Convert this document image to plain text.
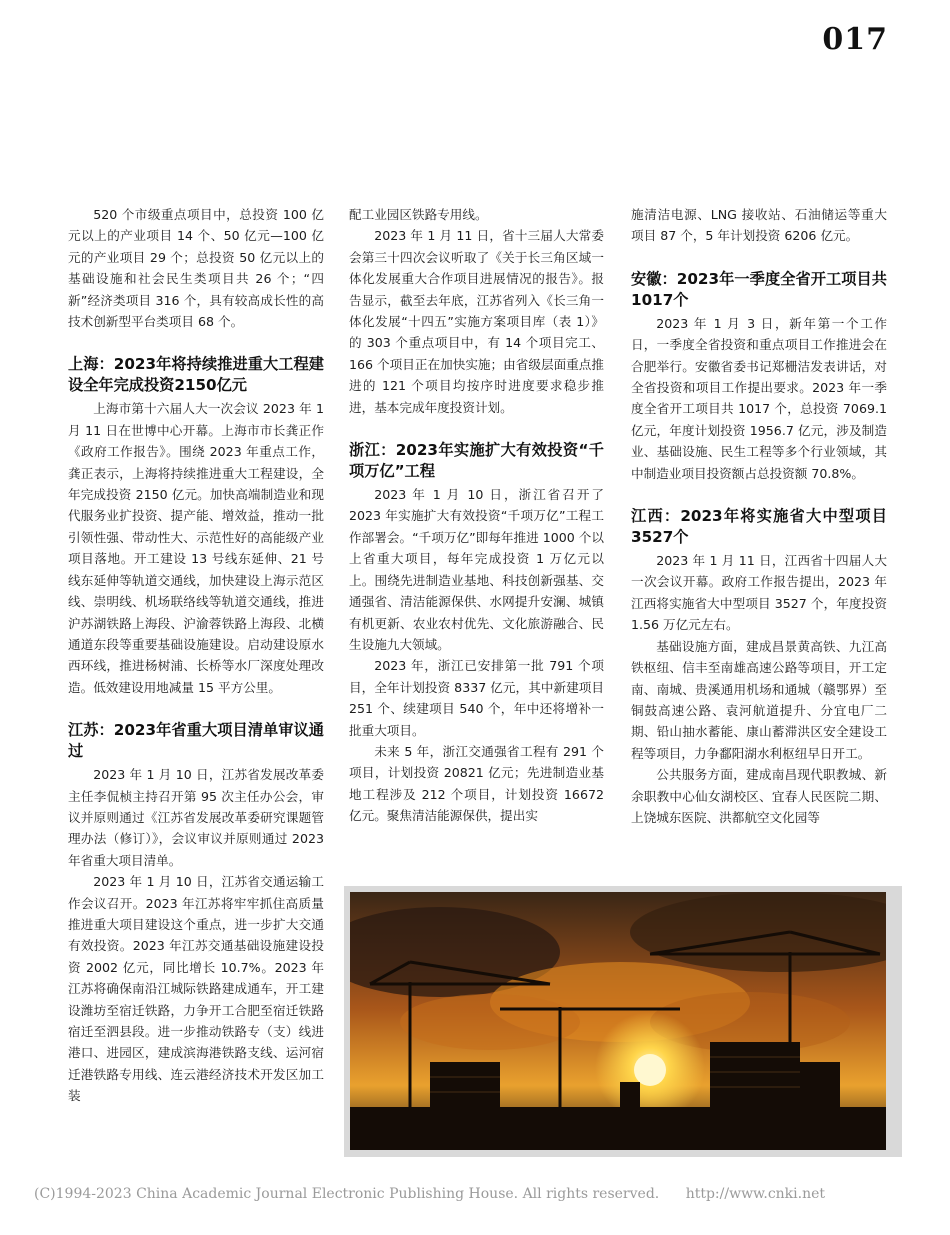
017

520 个市级重点项目中，总投资 100 亿元以上的产业项目 14 个、50 亿元—100 亿元的产业项目 29 个；总投资 50 亿元以上的基础设施和社会民生类项目共 26 个；“四新”经济类项目 316 个，具有较高成长性的高技术创新型平台类项目 68 个。

上海：2023年将持续推进重大工程建设全年完成投资2150亿元

上海市第十六届人大一次会议 2023 年 1 月 11 日在世博中心开幕。上海市市长龚正作《政府工作报告》。围绕 2023 年重点工作，龚正表示，上海将持续推进重大工程建设，全年完成投资 2150 亿元。加快高端制造业和现代服务业扩投资、提产能、增效益，推动一批引领性强、带动性大、示范性好的高能级产业项目落地。开工建设 13 号线东延伸、21 号线东延伸等轨道交通线，加快建设上海示范区线、崇明线、机场联络线等轨道交通线，推进沪苏湖铁路上海段、沪渝蓉铁路上海段、北横通道东段等重要基础设施建设。启动建设原水西环线，推进杨树浦、长桥等水厂深度处理改造。低效建设用地减量 15 平方公里。

江苏：2023年省重大项目清单审议通过

2023 年 1 月 10 日，江苏省发展改革委主任李侃桢主持召开第 95 次主任办公会，审议并原则通过《江苏省发展改革委研究课题管理办法（修订）》，会议审议并原则通过 2023 年省重大项目清单。

2023 年 1 月 10 日，江苏省交通运输工作会议召开。2023 年江苏将牢牢抓住高质量推进重大项目建设这个重点，进一步扩大交通有效投资。2023 年江苏交通基础设施建设投资 2002 亿元，同比增长 10.7%。2023 年江苏将确保南沿江城际铁路建成通车，开工建设潍坊至宿迁铁路，力争开工合肥至宿迁铁路宿迁至泗县段。进一步推动铁路专（支）线进港口、进园区，建成滨海港铁路支线、运河宿迁港铁路专用线、连云港经济技术开发区加工装

配工业园区铁路专用线。

2023 年 1 月 11 日，省十三届人大常委会第三十四次会议听取了《关于长三角区域一体化发展重大合作项目进展情况的报告》。报告显示，截至去年底，江苏省列入《长三角一体化发展“十四五”实施方案项目库（表 1）》的 303 个重点项目中，有 14 个项目完工、166 个项目正在加快实施；由省级层面重点推进的 121 个项目均按序时进度要求稳步推进，基本完成年度投资计划。

浙江：2023年实施扩大有效投资“千项万亿”工程

2023 年 1 月 10 日，浙江省召开了 2023 年实施扩大有效投资“千项万亿”工程工作部署会。“千项万亿”即每年推进 1000 个以上省重大项目，每年完成投资 1 万亿元以上。围绕先进制造业基地、科技创新强基、交通强省、清洁能源保供、水网提升安澜、城镇有机更新、农业农村优先、文化旅游融合、民生设施九大领域。

2023 年，浙江已安排第一批 791 个项目，全年计划投资 8337 亿元，其中新建项目 251 个、续建项目 540 个，年中还将增补一批重大项目。

未来 5 年，浙江交通强省工程有 291 个项目，计划投资 20821 亿元；先进制造业基地工程涉及 212 个项目，计划投资 16672 亿元。聚焦清洁能源保供，提出实

施清洁电源、LNG 接收站、石油储运等重大项目 87 个，5 年计划投资 6206 亿元。

安徽：2023年一季度全省开工项目共1017个

2023 年 1 月 3 日，新年第一个工作日，一季度全省投资和重点项目工作推进会在合肥举行。安徽省委书记郑栅洁发表讲话，对全省投资和项目工作提出要求。2023 年一季度全省开工项目共 1017 个，总投资 7069.1 亿元，年度计划投资 1956.7 亿元，涉及制造业、基础设施、民生工程等多个行业领域，其中制造业项目投资额占总投资额 70.8%。

江西：2023年将实施省大中型项目3527个

2023 年 1 月 11 日，江西省十四届人大一次会议开幕。政府工作报告提出，2023 年江西将实施省大中型项目 3527 个，年度投资 1.56 万亿元左右。

基础设施方面，建成昌景黄高铁、九江高铁枢纽、信丰至南雄高速公路等项目，开工定南、南城、贵溪通用机场和通城（赣鄂界）至铜鼓高速公路、袁河航道提升、分宜电厂二期、铅山抽水蓄能、康山蓄滞洪区安全建设工程等项目，力争鄱阳湖水利枢纽早日开工。

公共服务方面，建成南昌现代职教城、新余职教中心仙女湖校区、宜春人民医院二期、上饶城东医院、洪都航空文化园等

(C)1994-2023 China Academic Journal Electronic Publishing House. All rights reserved. http://www.cnki.net
